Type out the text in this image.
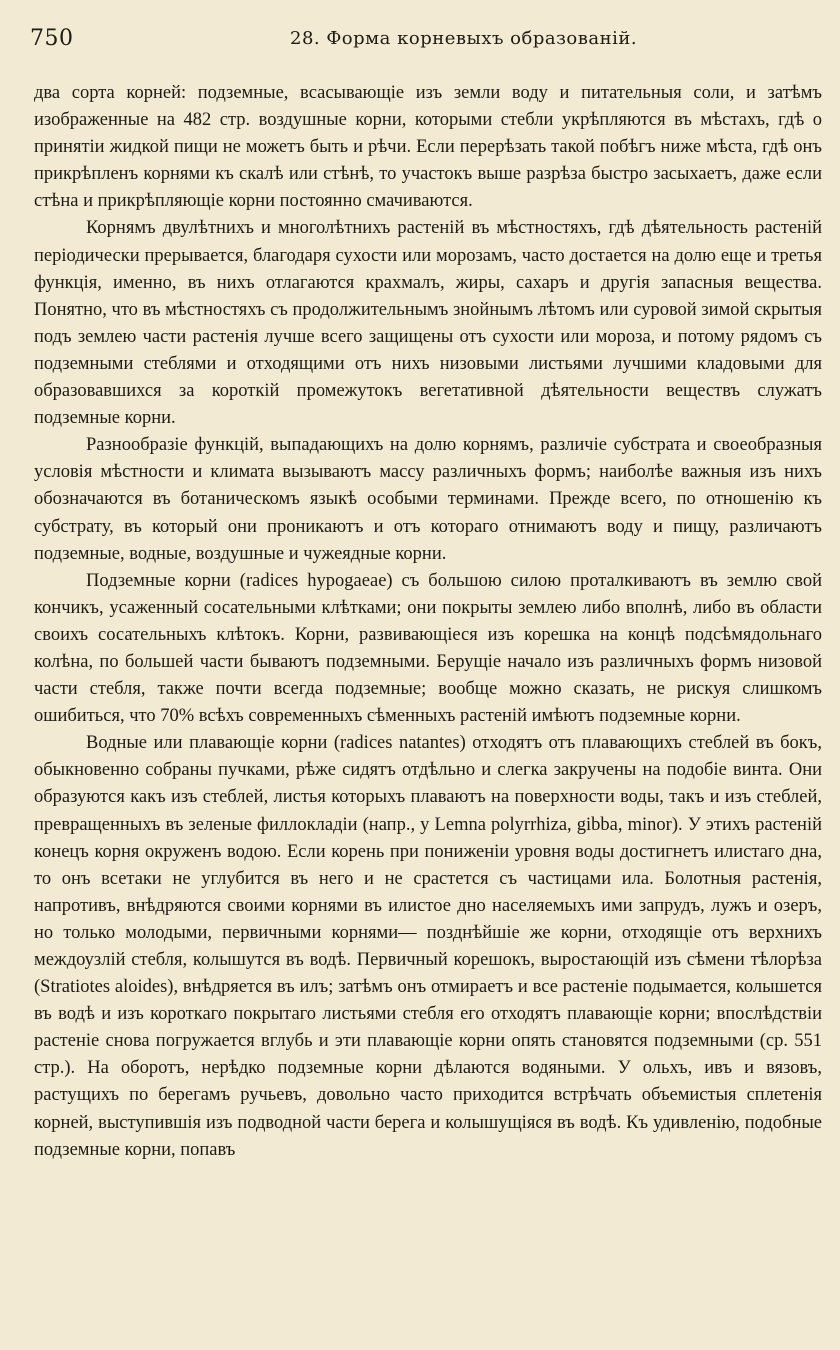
750	28. Форма корневыхъ образованій.

два сорта корней: подземные, всасывающіе изъ земли воду и питательныя соли, и затѣмъ изображенные на 482 стр. воздушные корни, которыми стебли укрѣпляются въ мѣстахъ, гдѣ о принятіи жидкой пищи не можетъ быть и рѣчи. Если перерѣзать такой побѣгъ ниже мѣста, гдѣ онъ прикрѣпленъ корнями къ скалѣ или стѣнѣ, то участокъ выше разрѣза быстро засыхаетъ, даже если стѣна и прикрѣпляющіе корни постоянно смачиваются.

Корнямъ двулѣтнихъ и многолѣтнихъ растеній въ мѣстностяхъ, гдѣ дѣятельность растеній періодически прерывается, благодаря сухости или морозамъ, часто достается на долю еще и третья функція, именно, въ нихъ отлагаются крахмалъ, жиры, сахаръ и другія запасныя вещества. Понятно, что въ мѣстностяхъ съ продолжительнымъ знойнымъ лѣтомъ или суровой зимой скрытыя подъ землею части растенія лучше всего защищены отъ сухости или мороза, и потому рядомъ съ подземными стеблями и отходящими отъ нихъ низовыми листьями лучшими кладовыми для образовавшихся за короткій промежутокъ вегетативной дѣятельности веществъ служатъ подземные корни.

Разнообразіе функцій, выпадающихъ на долю корнямъ, различіе субстрата и своеобразныя условія мѣстности и климата вызываютъ массу различныхъ формъ; наиболѣе важныя изъ нихъ обозначаются въ ботаническомъ языкѣ особыми терминами. Прежде всего, по отношенію къ субстрату, въ который они проникаютъ и отъ котораго отнимаютъ воду и пищу, различаютъ подземные, водные, воздушные и чужеядные корни.

Подземные корни (radices hypogaeae) съ большою силою проталкиваютъ въ землю свой кончикъ, усаженный сосательными клѣтками; они покрыты землею либо вполнѣ, либо въ области своихъ сосательныхъ клѣтокъ. Корни, развивающіеся изъ корешка на концѣ подсѣмядольнаго колѣна, по большей части бываютъ подземными. Берущіе начало изъ различныхъ формъ низовой части стебля, также почти всегда подземные; вообще можно сказать, не рискуя слишкомъ ошибиться, что 70% всѣхъ современныхъ сѣменныхъ растеній имѣютъ подземные корни.

Водные или плавающіе корни (radices natantes) отходятъ отъ плавающихъ стеблей въ бокъ, обыкновенно собраны пучками, рѣже сидятъ отдѣльно и слегка закручены на подобіе винта. Они образуются какъ изъ стеблей, листья которыхъ плаваютъ на поверхности воды, такъ и изъ стеблей, превращенныхъ въ зеленые филлокладіи (напр., у Lemna polyrrhiza, gibba, minor). У этихъ растеній конецъ корня окруженъ водою. Если корень при пониженіи уровня воды достигнетъ илистаго дна, то онъ всетаки не углубится въ него и не срастется съ частицами ила. Болотныя растенія, напротивъ, внѣдряются своими корнями въ илистое дно населяемыхъ ими запрудъ, лужъ и озеръ, но только молодыми, первичными корнями— позднѣйшіе же корни, отходящіе отъ верхнихъ междоузлій стебля, колышутся въ водѣ. Первичный корешокъ, выростающій изъ сѣмени тѣлорѣза (Stratiotes aloides), внѣдряется въ илъ; затѣмъ онъ отмираетъ и все растеніе подымается, колышется въ водѣ и изъ короткаго покрытаго листьями стебля его отходятъ плавающіе корни; впослѣдствіи растеніе снова погружается вглубь и эти плавающіе корни опять становятся подземными (ср. 551 стр.). На оборотъ, нерѣдко подземные корни дѣлаются водяными. У ольхъ, ивъ и вязовъ, растущихъ по берегамъ ручьевъ, довольно часто приходится встрѣчать объемистыя сплетенія корней, выступившія изъ подводной части берега и колышущіяся въ водѣ. Къ удивленію, подобные подземные корни, попавъ
